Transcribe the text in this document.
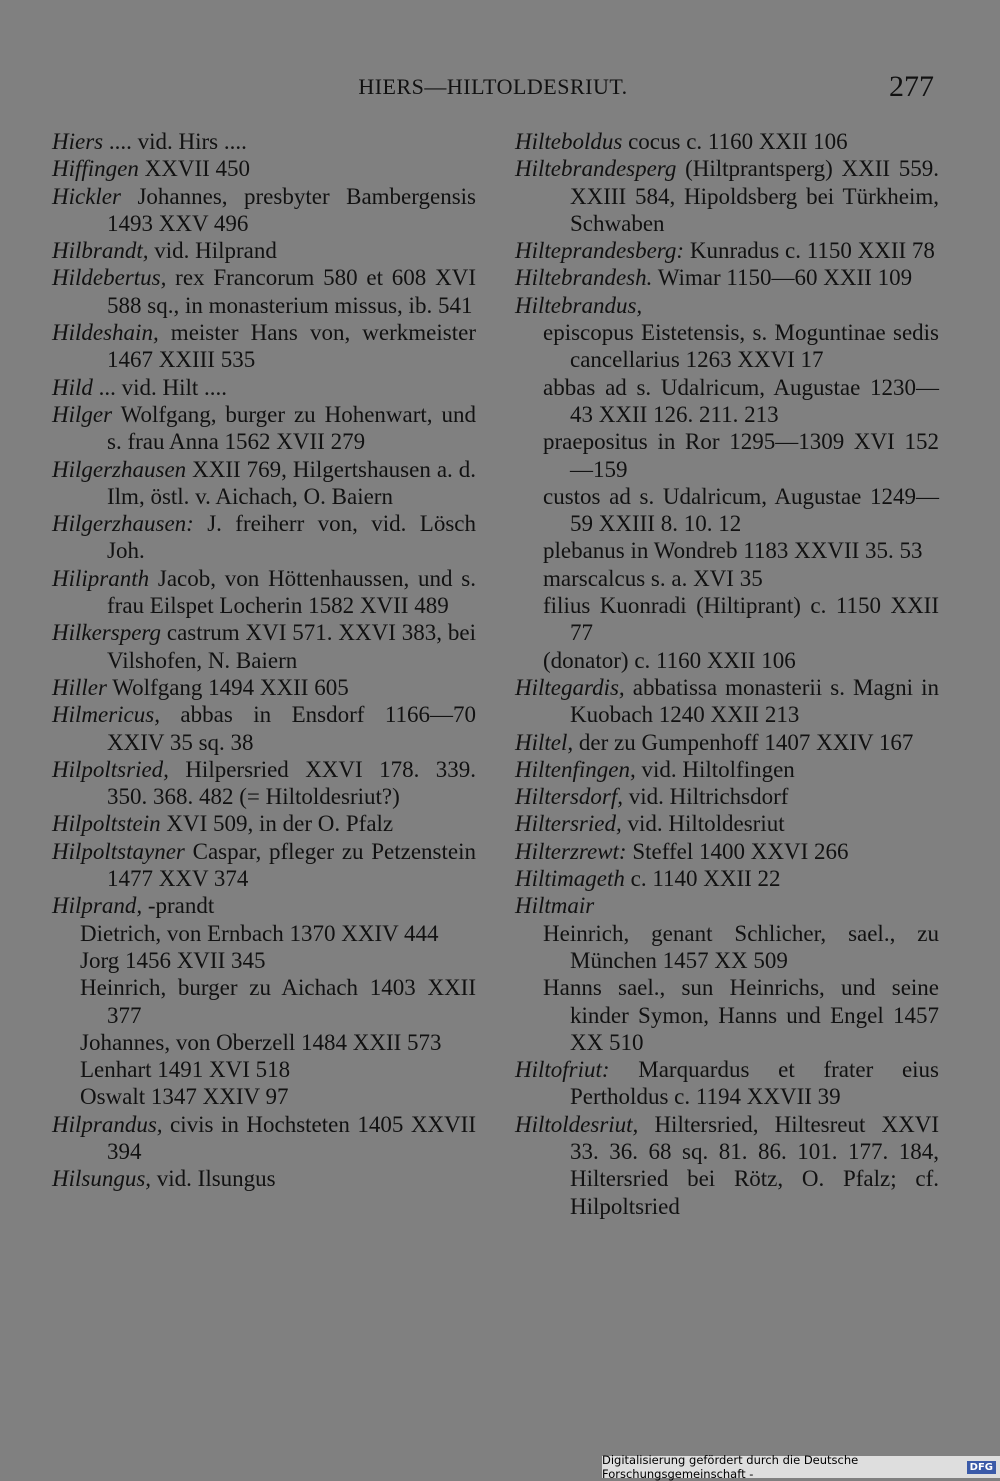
HIERS—HILTOLDESRIUT.	277
Hiers .... vid. Hirs ....
Hiffingen XXVII 450
Hickler Johannes, presbyter Bambergensis 1493 XXV 496
Hilbrandt, vid. Hilprand
Hildebertus, rex Francorum 580 et 608 XVI 588 sq., in monasterium missus, ib. 541
Hildeshain, meister Hans von, werkmeister 1467 XXIII 535
Hild ... vid. Hilt ....
Hilger Wolfgang, burger zu Hohenwart, und s. frau Anna 1562 XVII 279
Hilgerzhausen XXII 769, Hilgertshausen a. d. Ilm, östl. v. Aichach, O. Baiern
Hilgerzhausen: J. freiherr von, vid. Lösch Joh.
Hilipranth Jacob, von Höttenhaussen, und s. frau Eilspet Locherin 1582 XVII 489
Hilkersperg castrum XVI 571. XXVI 383, bei Vilshofen, N. Baiern
Hiller Wolfgang 1494 XXII 605
Hilmericus, abbas in Ensdorf 1166—70 XXIV 35 sq. 38
Hilpoltsried, Hilpersried XXVI 178. 339. 350. 368. 482 (= Hiltoldesriut?)
Hilpoltstein XVI 509, in der O. Pfalz
Hilpoltstayner Caspar, pfleger zu Petzenstein 1477 XXV 374
Hilprand, -prandt
Dietrich, von Ernbach 1370 XXIV 444
Jorg 1456 XVII 345
Heinrich, burger zu Aichach 1403 XXII 377
Johannes, von Oberzell 1484 XXII 573
Lenhart 1491 XVI 518
Oswalt 1347 XXIV 97
Hilprandus, civis in Hochsteten 1405 XXVII 394
Hilsungus, vid. Ilsungus
Hilteboldus cocus c. 1160 XXII 106
Hiltebrandesperg (Hiltprantsperg) XXII 559. XXIII 584, Hipoldsberg bei Türkheim, Schwaben
Hilteprandesberg: Kunradus c. 1150 XXII 78
Hiltebrandesh. Wimar 1150—60 XXII 109
Hiltebrandus,
episcopus Eistetensis, s. Moguntinae sedis cancellarius 1263 XXVI 17
abbas ad s. Udalricum, Augustae 1230—43 XXII 126. 211. 213
praepositus in Ror 1295—1309 XVI 152—159
custos ad s. Udalricum, Augustae 1249—59 XXIII 8. 10. 12
plebanus in Wondreb 1183 XXVII 35. 53
marscalcus s. a. XVI 35
filius Kuonradi (Hiltiprant) c. 1150 XXII 77
(donator) c. 1160 XXII 106
Hiltegardis, abbatissa monasterii s. Magni in Kuobach 1240 XXII 213
Hiltel, der zu Gumpenhoff 1407 XXIV 167
Hiltenfingen, vid. Hiltolfingen
Hiltersdorf, vid. Hiltrichsdorf
Hiltersried, vid. Hiltoldesriut
Hilterzrewt: Steffel 1400 XXVI 266
Hiltimageth c. 1140 XXII 22
Hiltmair
Heinrich, genant Schlicher, sael., zu München 1457 XX 509
Hanns sael., sun Heinrichs, und seine kinder Symon, Hanns und Engel 1457 XX 510
Hiltofriut: Marquardus et frater eius Pertholdus c. 1194 XXVII 39
Hiltoldesriut, Hiltersried, Hiltesreut XXVI 33. 36. 68 sq. 81. 86. 101. 177. 184, Hiltersried bei Rötz, O. Pfalz; cf. Hilpoltsried
Digitalisierung gefördert durch die Deutsche Forschungsgemeinschaft -	DFG
